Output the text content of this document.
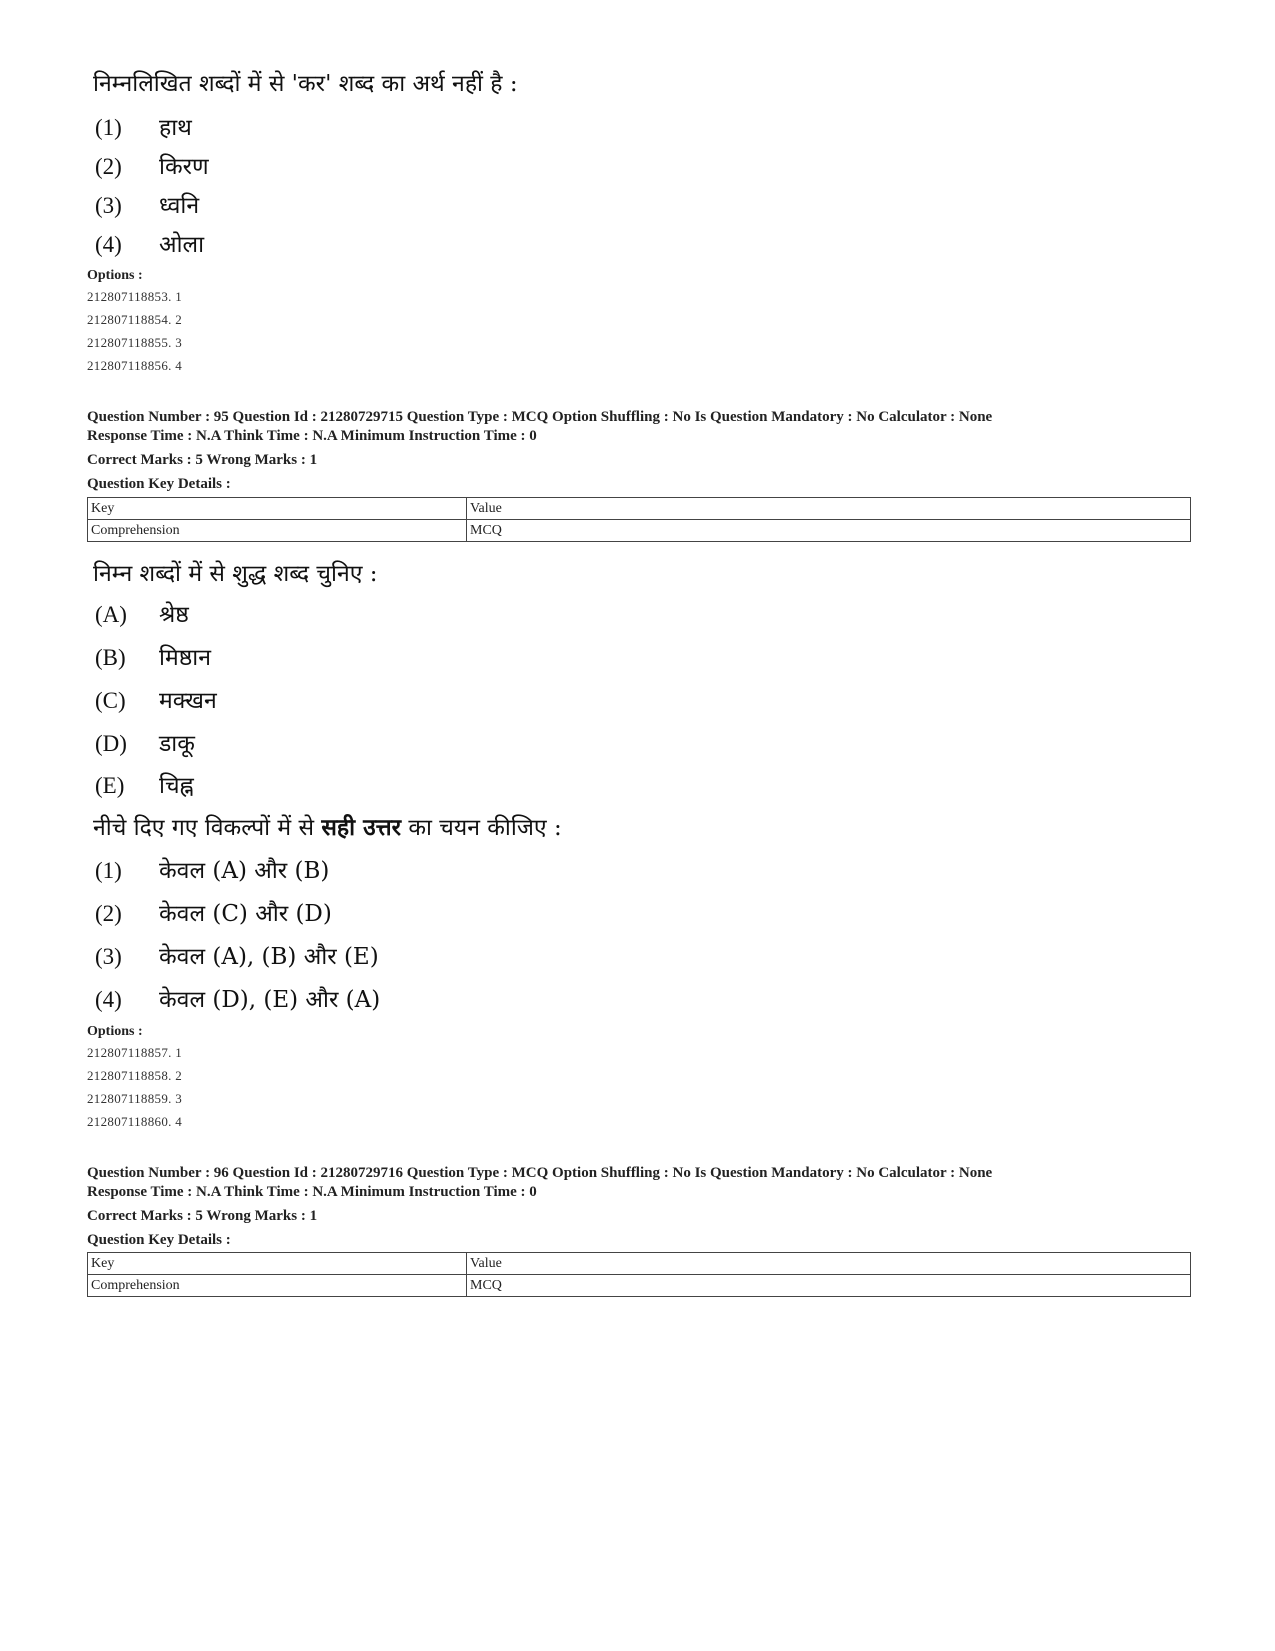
निम्नलिखित शब्दों में से 'कर' शब्द का अर्थ नहीं है :
(1) हाथ
(2) किरण
(3) ध्वनि
(4) ओला
Options :
212807118853. 1
212807118854. 2
212807118855. 3
212807118856. 4
Question Number : 95 Question Id : 21280729715 Question Type : MCQ Option Shuffling : No Is Question Mandatory : No Calculator : None
Response Time : N.A Think Time : N.A Minimum Instruction Time : 0
Correct Marks : 5 Wrong Marks : 1
Question Key Details :
Key	Value
Comprehension	MCQ
निम्न शब्दों में से शुद्ध शब्द चुनिए :
(A) श्रेष्ठ
(B) मिष्ठान
(C) मक्खन
(D) डाकू
(E) चिह्न
नीचे दिए गए विकल्पों में से सही उत्तर का चयन कीजिए :
(1) केवल (A) और (B)
(2) केवल (C) और (D)
(3) केवल (A), (B) और (E)
(4) केवल (D), (E) और (A)
Options :
212807118857. 1
212807118858. 2
212807118859. 3
212807118860. 4
Question Number : 96 Question Id : 21280729716 Question Type : MCQ Option Shuffling : No Is Question Mandatory : No Calculator : None
Response Time : N.A Think Time : N.A Minimum Instruction Time : 0
Correct Marks : 5 Wrong Marks : 1
Question Key Details :
Key	Value
Comprehension	MCQ
